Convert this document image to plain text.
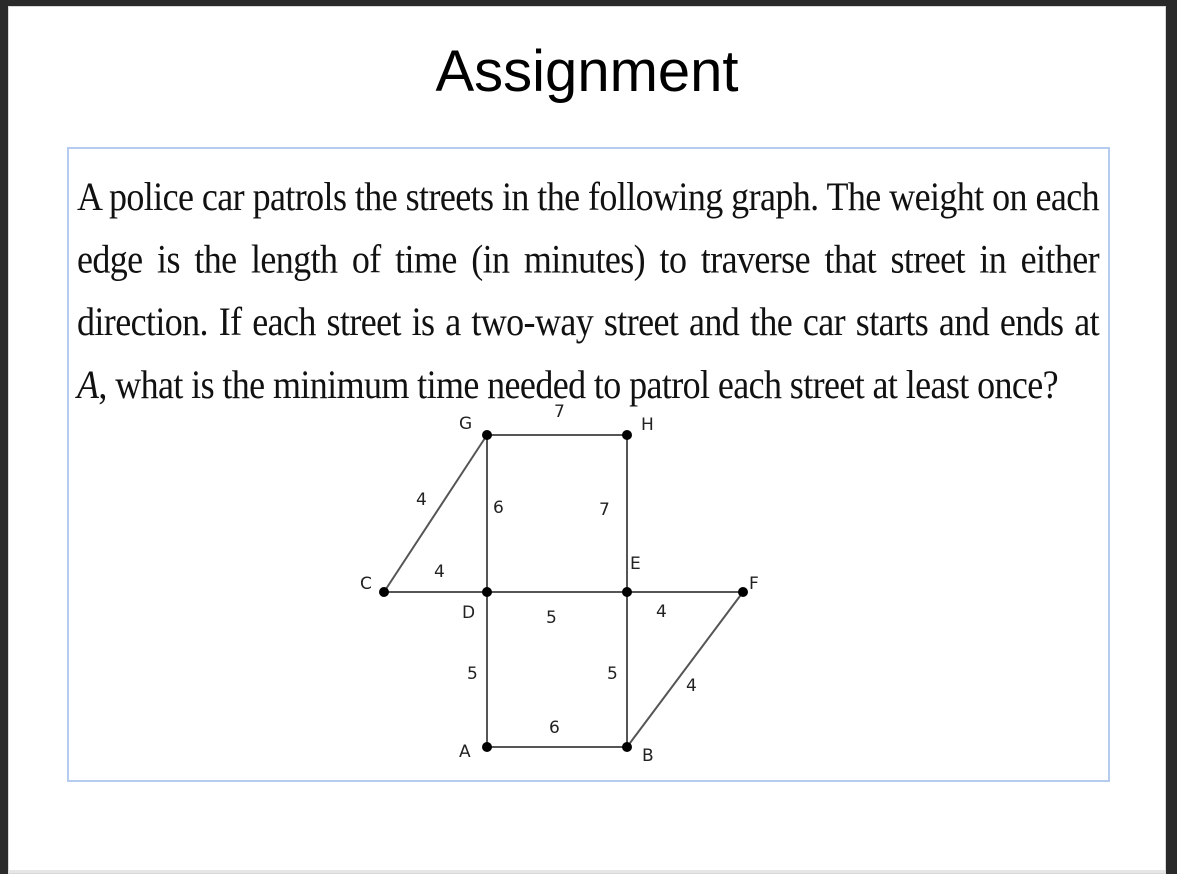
Assignment

A police car patrols the streets in the following graph. The weight on each edge is the length of time (in minutes) to traverse that street in either direction. If each street is a two-way street and the car starts and ends at A, what is the minimum time needed to patrol each street at least once?

7
4	6	7
4
5	4
5	5
4
6
G	H
C
D
E
F
A	B
